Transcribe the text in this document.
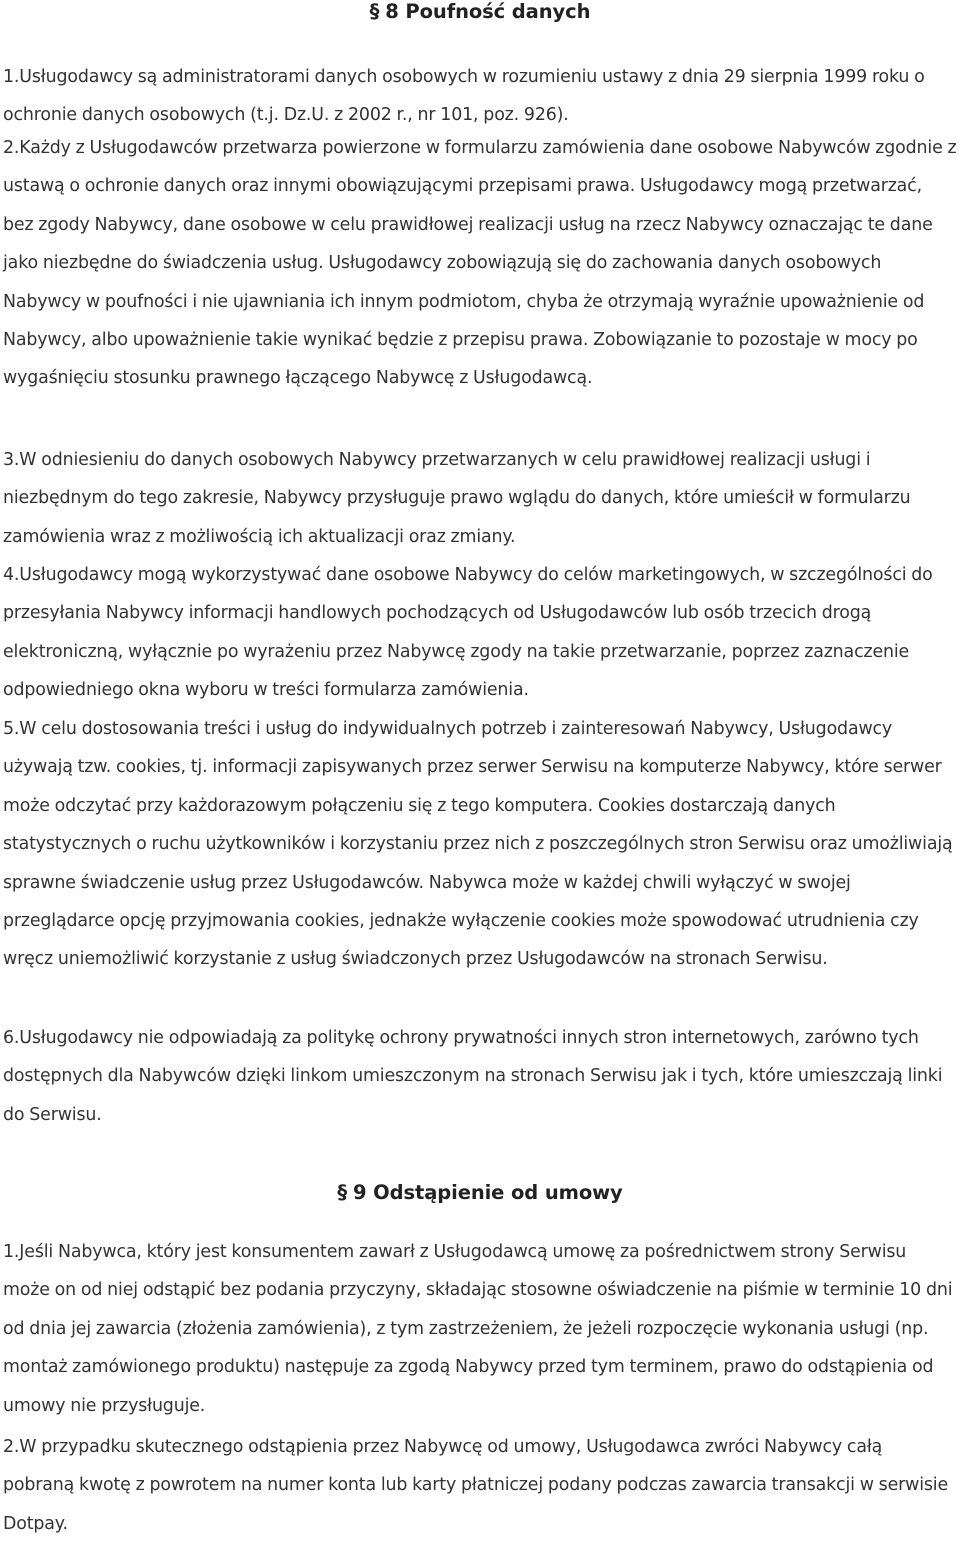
§ 8 Poufność danych

1.Usługodawcy są administratorami danych osobowych w rozumieniu ustawy z dnia 29 sierpnia 1999 roku o ochronie danych osobowych (t.j. Dz.U. z 2002 r., nr 101, poz. 926).

2.Każdy z Usługodawców przetwarza powierzone w formularzu zamówienia dane osobowe Nabywców zgodnie z ustawą o ochronie danych oraz innymi obowiązującymi przepisami prawa. Usługodawcy mogą przetwarzać, bez zgody Nabywcy, dane osobowe w celu prawidłowej realizacji usług na rzecz Nabywcy oznaczając te dane jako niezbędne do świadczenia usług. Usługodawcy zobowiązują się do zachowania danych osobowych Nabywcy w poufności i nie ujawniania ich innym podmiotom, chyba że otrzymają wyraźnie upoważnienie od Nabywcy, albo upoważnienie takie wynikać będzie z przepisu prawa. Zobowiązanie to pozostaje w mocy po wygaśnięciu stosunku prawnego łączącego Nabywcę z Usługodawcą.

3.W odniesieniu do danych osobowych Nabywcy przetwarzanych w celu prawidłowej realizacji usługi i niezbędnym do tego zakresie, Nabywcy przysługuje prawo wglądu do danych, które umieścił w formularzu zamówienia wraz z możliwością ich aktualizacji oraz zmiany.

4.Usługodawcy mogą wykorzystywać dane osobowe Nabywcy do celów marketingowych, w szczególności do przesyłania Nabywcy informacji handlowych pochodzących od Usługodawców lub osób trzecich drogą elektroniczną, wyłącznie po wyrażeniu przez Nabywcę zgody na takie przetwarzanie, poprzez zaznaczenie odpowiedniego okna wyboru w treści formularza zamówienia.

5.W celu dostosowania treści i usług do indywidualnych potrzeb i zainteresowań Nabywcy, Usługodawcy używają tzw. cookies, tj. informacji zapisywanych przez serwer Serwisu na komputerze Nabywcy, które serwer może odczytać przy każdorazowym połączeniu się z tego komputera. Cookies dostarczają danych statystycznych o ruchu użytkowników i korzystaniu przez nich z poszczególnych stron Serwisu oraz umożliwiają sprawne świadczenie usług przez Usługodawców. Nabywca może w każdej chwili wyłączyć w swojej przeglądarce opcję przyjmowania cookies, jednakże wyłączenie cookies może spowodować utrudnienia czy wręcz uniemożliwić korzystanie z usług świadczonych przez Usługodawców na stronach Serwisu.

6.Usługodawcy nie odpowiadają za politykę ochrony prywatności innych stron internetowych, zarówno tych dostępnych dla Nabywców dzięki linkom umieszczonym na stronach Serwisu jak i tych, które umieszczają linki do Serwisu.

§ 9 Odstąpienie od umowy

1.Jeśli Nabywca, który jest konsumentem zawarł z Usługodawcą umowę za pośrednictwem strony Serwisu może on od niej odstąpić bez podania przyczyny, składając stosowne oświadczenie na piśmie w terminie 10 dni od dnia jej zawarcia (złożenia zamówienia), z tym zastrzeżeniem, że jeżeli rozpoczęcie wykonania usługi (np. montaż zamówionego produktu) następuje za zgodą Nabywcy przed tym terminem, prawo do odstąpienia od umowy nie przysługuje.

2.W przypadku skutecznego odstąpienia przez Nabywcę od umowy, Usługodawca zwróci Nabywcy całą pobraną kwotę z powrotem na numer konta lub karty płatniczej podany podczas zawarcia transakcji w serwisie Dotpay.
